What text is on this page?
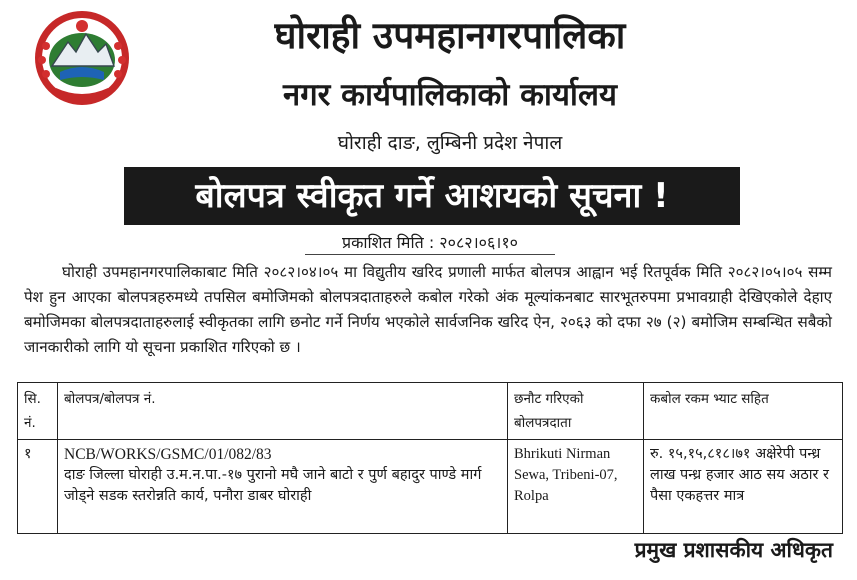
घोराही उपमहानगरपालिका
नगर कार्यपालिकाको कार्यालय
घोराही दाङ, लुम्बिनी प्रदेश नेपाल
बोलपत्र स्वीकृत गर्ने आशयको सूचना !
प्रकाशित मिति : २०८२।०६।१०

घोराही उपमहानगरपालिकाबाट मिति २०८२।०४।०५ मा विद्युतीय खरिद प्रणाली मार्फत बोलपत्र आह्वान भई रितपूर्वक मिति २०८२।०५।०५ सम्म पेश हुन आएका बोलपत्रहरुमध्ये तपसिल बमोजिमको बोलपत्रदाताहरुले कबोल गरेको अंक मूल्यांकनबाट सारभूतरुपमा प्रभावग्राही देखिएकोले देहाए बमोजिमका बोलपत्रदाताहरुलाई स्वीकृतका लागि छनोट गर्ने निर्णय भएकोले सार्वजनिक खरिद ऐन, २०६३ को दफा २७ (२) बमोजिम सम्बन्धित सबैको जानकारीको लागि यो सूचना प्रकाशित गरिएको छ ।

सि. नं.	बोलपत्र/बोलपत्र नं.	छनौट गरिएको बोलपत्रदाता	कबोल रकम भ्याट सहित
१	NCB/WORKS/GSMC/01/082/83
दाङ जिल्ला घोराही उ.म.न.पा.-१७ पुरानो मघै जाने बाटो र पुर्ण बहादुर पाण्डे मार्ग जोड्ने सडक स्तरोन्नति कार्य, पनौरा डाबर घोराही	Bhrikuti Nirman Sewa, Tribeni-07, Rolpa	रु. १५,१५,८१८।७१ अक्षेरेपी पन्ध्र लाख पन्ध्र हजार आठ सय अठार र पैसा एकहत्तर मात्र
प्रमुख प्रशासकीय अधिकृत
